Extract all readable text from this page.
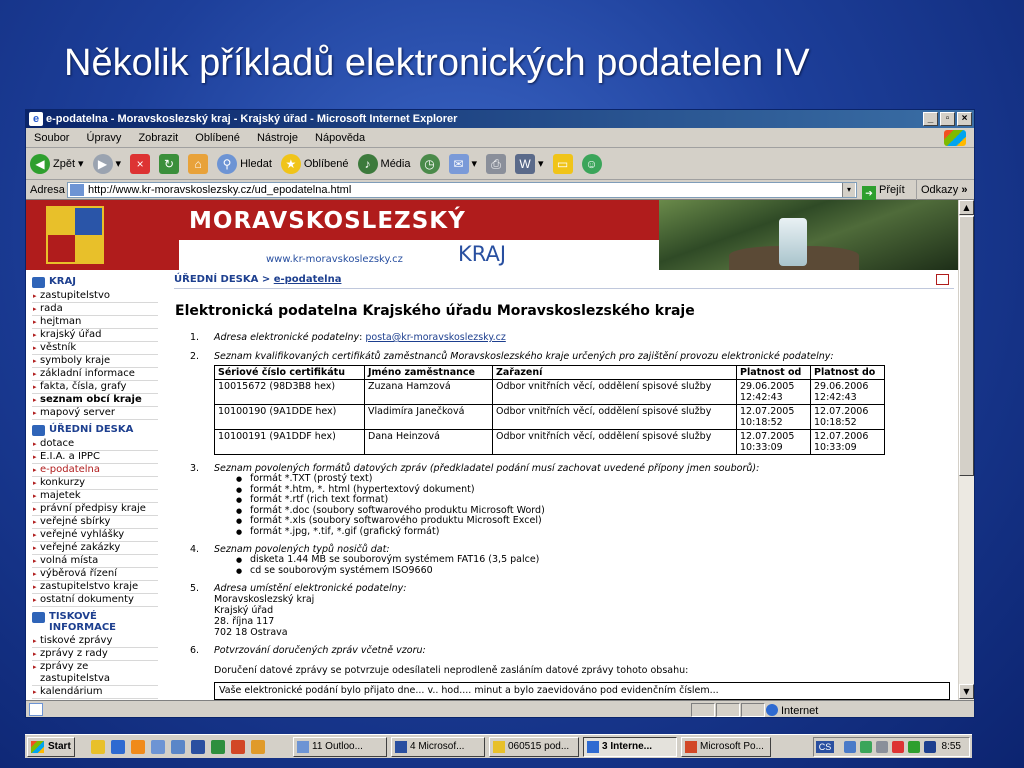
Několik příkladů elektronických podatelen IV
e e-podatelna - Moravskoslezský kraj - Krajský úřad - Microsoft Internet Explorer	_	▫	×
Soubor Úpravy Zobrazit Oblíbené Nástroje Nápověda
◀ Zpět ▾	▶ ▾	×	↻	⌂	⚲ Hledat	★ Oblíbené	♪ Média	◷	✉ ▾	⎙	W ▾	▭	☺
Adresa	http://www.kr-moravskoslezsky.cz/ud_epodatelna.html	▾	➔ Přejít	Odkazy »
MORAVSKOSLEZSKÝ
www.kr-moravskoslezsky.cz	KRAJ
KRAJ
▸ zastupitelstvo
▸ rada
▸ hejtman
▸ krajský úřad
▸ věstník
▸ symboly kraje
▸ základní informace
▸ fakta, čísla, grafy
▸ seznam obcí kraje
▸ mapový server
ÚŘEDNÍ DESKA
▸ dotace
▸ E.I.A. a IPPC
▸ e-podatelna
▸ konkurzy
▸ majetek
▸ právní předpisy kraje
▸ veřejné sbírky
▸ veřejné vyhlášky
▸ veřejné zakázky
▸ volná místa
▸ výběrová řízení
▸ zastupitelstvo kraje
▸ ostatní dokumenty
TISKOVÉ INFORMACE
▸ tiskové zprávy
▸ zprávy z rady
▸ zprávy ze zastupitelstva
▸ kalendárium
ÚŘEDNÍ DESKA > e-podatelna
Elektronická podatelna Krajského úřadu Moravskoslezského kraje
1. Adresa elektronické podatelny: posta@kr-moravskoslezsky.cz
2. Seznam kvalifikovaných certifikátů zaměstnanců Moravskoslezského kraje určených pro zajištění provozu elektronické podatelny:
Sériové číslo certifikátu	Jméno zaměstnance	Zařazení	Platnost od	Platnost do
10015672 (98D3B8 hex)	Zuzana Hamzová	Odbor vnitřních věcí, oddělení spisové služby	29.06.2005 12:42:43	29.06.2006 12:42:43
10100190 (9A1DDE hex)	Vladimíra Janečková	Odbor vnitřních věcí, oddělení spisové služby	12.07.2005 10:18:52	12.07.2006 10:18:52
10100191 (9A1DDF hex)	Dana Heinzová	Odbor vnitřních věcí, oddělení spisové služby	12.07.2005 10:33:09	12.07.2006 10:33:09
3. Seznam povolených formátů datových zpráv (předkladatel podání musí zachovat uvedené přípony jmen souborů):
● formát *.TXT (prostý text)
● formát *.htm, *. html (hypertextový dokument)
● formát *.rtf (rich text format)
● formát *.doc (soubory softwarového produktu Microsoft Word)
● formát *.xls (soubory softwarového produktu Microsoft Excel)
● formát *.jpg, *.tif, *.gif (grafický formát)
4. Seznam povolených typů nosičů dat:
● disketa 1.44 MB se souborovým systémem FAT16 (3,5 palce)
● cd se souborovým systémem ISO9660
5. Adresa umístění elektronické podatelny:
Moravskoslezský kraj
Krajský úřad
28. října 117
702 18 Ostrava
6. Potvrzování doručených zpráv včetně vzoru:
Doručení datové zprávy se potvrzuje odesílateli neprodleně zasláním datové zprávy tohoto obsahu:
Vaše elektronické podání bylo přijato dne... v.. hod.... minut a bylo zaevidováno pod evidenčním číslem...
▲
▼
Internet
Start	11 Outloo...	4 Microsof...	060515 pod...	3 Interne...	Microsoft Po...	CS	8:55
